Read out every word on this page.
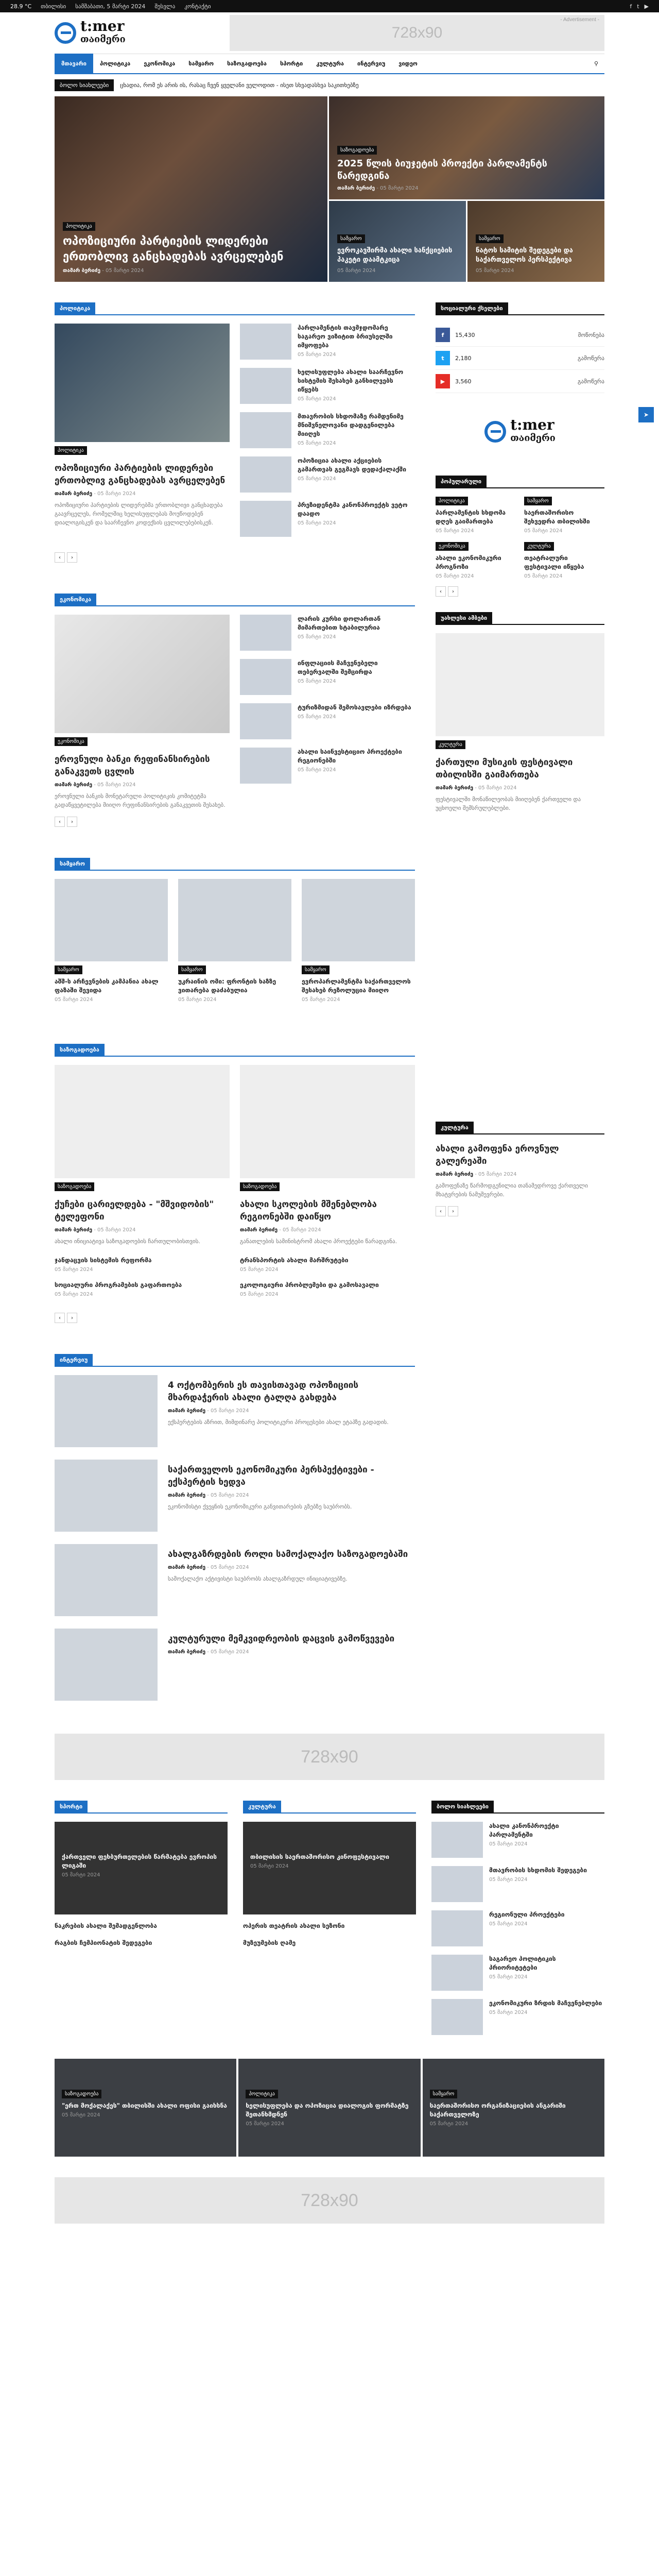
28.9 °C თბილისი სამშაბათი, 5 მარტი 2024 შესვლა კონტაქტი	f t ▶
t:mer
თაიმერი
- Advertisement -
728x90
მთავარი	პოლიტიკა	ეკონომიკა	სამყარო	საზოგადოება	სპორტი	კულტურა	ინტერვიუ	ვიდეო	⚲
ბოლო სიახლეები	ცხადია, რომ ეს არის ის, რასაც ჩვენ ყველანი ველოდით - ისეთ სხვადასხვა საკითხებზე
პოლიტიკა
ოპოზიციური პარტიების ლიდერები ერთობლივ განცხადებას ავრცელებენ
თამარ ბერიძე - 05 მარტი 2024
საზოგადოება
2025 წლის ბიუჯეტის პროექტი პარლამენტს წარედგინა
თამარ ბერიძე - 05 მარტი 2024
სამყარო
ევროკავშირმა ახალი სანქციების პაკეტი დაამტკიცა
05 მარტი 2024
სამყარო
ნატოს სამიტის შედეგები და საქართველოს პერსპექტივა
05 მარტი 2024
პოლიტიკა
პოლიტიკა
ოპოზიციური პარტიების ლიდერები ერთობლივ განცხადებას ავრცელებენ
თამარ ბერიძე - 05 მარტი 2024
ოპოზიციური პარტიების ლიდერებმა ერთობლივი განცხადება გაავრცელეს, რომელშიც ხელისუფლებას მოუწოდებენ დიალოგისკენ და საარჩევნო კოდექსის ცვლილებებისკენ.
პარლამენტის თავმჯდომარე საგარეო ვიზიტით ბრიუსელში იმყოფება
05 მარტი 2024
ხელისუფლება ახალი საარჩევნო სისტემის შესახებ განხილვებს იწყებს
05 მარტი 2024
მთავრობის სხდომაზე რამდენიმე მნიშვნელოვანი დადგენილება მიიღეს
05 მარტი 2024
ოპოზიცია ახალი აქციების გამართვას გეგმავს დედაქალაქში
05 მარტი 2024
პრეზიდენტმა კანონპროექტს ვეტო დაადო
05 მარტი 2024
‹	›
ეკონომიკა
ეკონომიკა
ეროვნული ბანკი რეფინანსირების განაკვეთს ცვლის
თამარ ბერიძე - 05 მარტი 2024
ეროვნული ბანკის მონეტარული პოლიტიკის კომიტეტმა გადაწყვეტილება მიიღო რეფინანსირების განაკვეთის შესახებ.
ლარის კურსი დოლართან მიმართებით სტაბილურია
05 მარტი 2024
ინფლაციის მაჩვენებელი თებერვალში შემცირდა
05 მარტი 2024
ტურიზმიდან შემოსავლები იზრდება
05 მარტი 2024
ახალი საინვესტიციო პროექტები რეგიონებში
05 მარტი 2024
‹	›
სამყარო
სამყარო
აშშ-ს არჩევნების კამპანია ახალ ფაზაში შევიდა
05 მარტი 2024
სამყარო
უკრაინის ომი: ფრონტის ხაზზე ვითარება დაძაბულია
05 მარტი 2024
სამყარო
ევროპარლამენტმა საქართველოს შესახებ რეზოლუცია მიიღო
05 მარტი 2024
საზოგადოება
საზოგადოება
ქუჩები ცარიელდება - "მშვიდობის" ტელეფონი
თამარ ბერიძე - 05 მარტი 2024
ახალი ინიციატივა საზოგადოების ჩართულობისთვის.
ჯანდაცვის სისტემის რეფორმა
05 მარტი 2024
სოციალური პროგრამების გაფართოება
05 მარტი 2024
საზოგადოება
ახალი სკოლების მშენებლობა რეგიონებში დაიწყო
თამარ ბერიძე - 05 მარტი 2024
განათლების სამინისტრომ ახალი პროექტები წარადგინა.
ტრანსპორტის ახალი მარშრუტები
05 მარტი 2024
ეკოლოგიური პრობლემები და გამოსავალი
05 მარტი 2024
‹	›
ინტერვიუ
4 ოქტომბერის ეს თავისთავად ოპოზიციის მხარდაჭერის ახალი ტალღა გახდება
თამარ ბერიძე - 05 მარტი 2024
ექსპერტების აზრით, მიმდინარე პოლიტიკური პროცესები ახალ ეტაპზე გადადის.
საქართველოს ეკონომიკური პერსპექტივები - ექსპერტის ხედვა
თამარ ბერიძე - 05 მარტი 2024
ეკონომისტი ქვეყნის ეკონომიკური განვითარების გზებზე საუბრობს.
ახალგაზრდების როლი სამოქალაქო საზოგადოებაში
თამარ ბერიძე - 05 მარტი 2024
სამოქალაქო აქტივისტი საუბრობს ახალგაზრდულ ინიციატივებზე.
კულტურული მემკვიდრეობის დაცვის გამოწვევები
თამარ ბერიძე - 05 მარტი 2024
სოციალური ქსელები
f	15,430	მოწონება
t	2,180	გამოწერა
▶	3,560	გამოწერა
t:mer
თაიმერი
პოპულარული
პოლიტიკა
პარლამენტის სხდომა დღეს გაიმართება
05 მარტი 2024
სამყარო
საერთაშორისო შეხვედრა თბილისში
05 მარტი 2024
ეკონომიკა
ახალი ეკონომიკური პროგნოზი
05 მარტი 2024
კულტურა
თეატრალური ფესტივალი იწყება
05 მარტი 2024
‹	›
უახლესი ამბები
კულტურა
ქართული მუსიკის ფესტივალი თბილისში გაიმართება
თამარ ბერიძე - 05 მარტი 2024
ფესტივალში მონაწილეობას მიიღებენ ქართველი და უცხოელი შემსრულებლები.
კულტურა
ახალი გამოფენა ეროვნულ გალერეაში
თამარ ბერიძე - 05 მარტი 2024
გამოფენაზე წარმოდგენილია თანამედროვე ქართველი მხატვრების ნამუშევრები.
‹	›
728x90
სპორტი
ქართველი ფეხბურთელების წარმატება ევროპის ლიგაში
05 მარტი 2024
ნაკრების ახალი შემადგენლობა
რაგბის ჩემპიონატის შედეგები
კულტურა
თბილისის საერთაშორისო კინოფესტივალი
05 მარტი 2024
ოპერის თეატრის ახალი სეზონი
მუზეუმების ღამე
ბოლო სიახლეები
ახალი კანონპროექტი პარლამენტში
05 მარტი 2024
მთავრობის სხდომის შედეგები
05 მარტი 2024
რეგიონული პროექტები
05 მარტი 2024
საგარეო პოლიტიკის პრიორიტეტები
05 მარტი 2024
ეკონომიკური ზრდის მაჩვენებლები
05 მარტი 2024
საზოგადოება
"ერთ მოქალაქეს" თბილისში ახალი ოფისი გაიხსნა
05 მარტი 2024
პოლიტიკა
ხელისუფლება და ოპოზიცია დიალოგის ფორმატზე შეთანხმდნენ
05 მარტი 2024
სამყარო
საერთაშორისო ორგანიზაციების ანგარიში საქართველოზე
05 მარტი 2024
728x90
➤
